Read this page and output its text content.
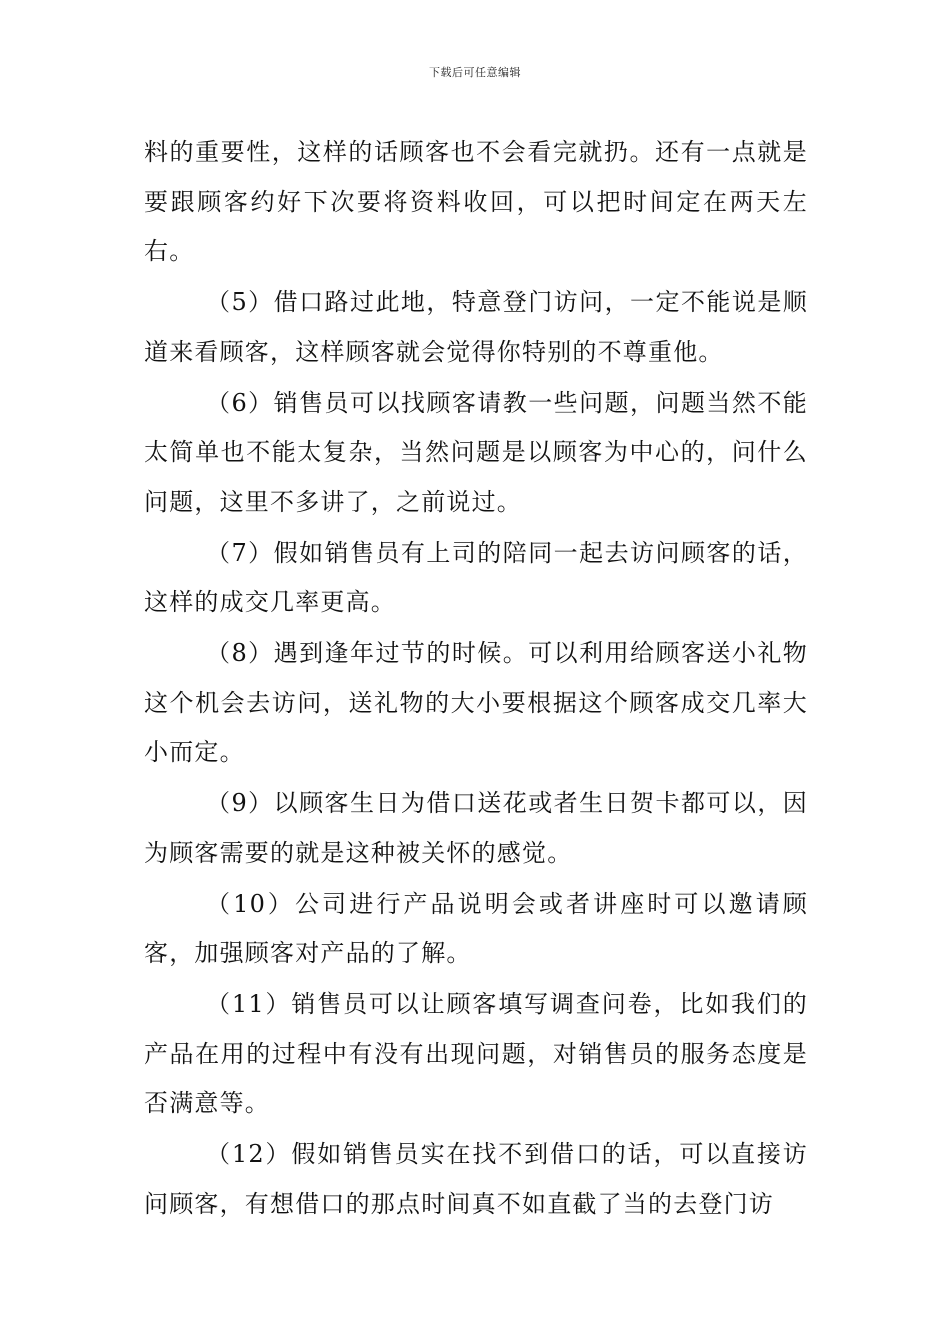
下载后可任意编辑

料的重要性，这样的话顾客也不会看完就扔。还有一点就是要跟顾客约好下次要将资料收回，可以把时间定在两天左右。

（5）借口路过此地，特意登门访问，一定不能说是顺道来看顾客，这样顾客就会觉得你特别的不尊重他。

（6）销售员可以找顾客请教一些问题，问题当然不能太简单也不能太复杂，当然问题是以顾客为中心的，问什么问题，这里不多讲了，之前说过。

（7）假如销售员有上司的陪同一起去访问顾客的话，这样的成交几率更高。

（8）遇到逢年过节的时候。可以利用给顾客送小礼物这个机会去访问，送礼物的大小要根据这个顾客成交几率大小而定。

（9）以顾客生日为借口送花或者生日贺卡都可以，因为顾客需要的就是这种被关怀的感觉。

（10）公司进行产品说明会或者讲座时可以邀请顾客，加强顾客对产品的了解。

（11）销售员可以让顾客填写调查问卷，比如我们的产品在用的过程中有没有出现问题，对销售员的服务态度是否满意等。

（12）假如销售员实在找不到借口的话，可以直接访问顾客，有想借口的那点时间真不如直截了当的去登门访
